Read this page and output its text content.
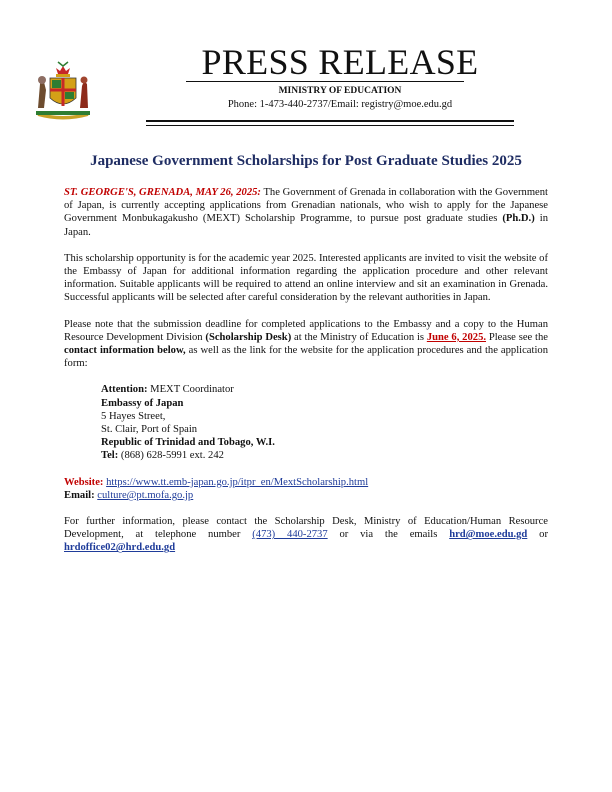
PRESS RELEASE
MINISTRY OF EDUCATION
Phone: 1-473-440-2737/Email: registry@moe.edu.gd
Japanese Government Scholarships for Post Graduate Studies 2025

ST. GEORGE'S, GRENADA, MAY 26, 2025: The Government of Grenada in collaboration with the Government of Japan, is currently accepting applications from Grenadian nationals, who wish to apply for the Japanese Government Monbukagakusho (MEXT) Scholarship Programme, to pursue post graduate studies (Ph.D.) in Japan.

This scholarship opportunity is for the academic year 2025. Interested applicants are invited to visit the website of the Embassy of Japan for additional information regarding the application procedure and other relevant information. Suitable applicants will be required to attend an online interview and sit an examination in Grenada. Successful applicants will be selected after careful consideration by the relevant authorities in Japan.

Please note that the submission deadline for completed applications to the Embassy and a copy to the Human Resource Development Division (Scholarship Desk) at the Ministry of Education is June 6, 2025. Please see the contact information below, as well as the link for the website for the application procedures and the application form:

Attention: MEXT Coordinator
Embassy of Japan
5 Hayes Street,
St. Clair, Port of Spain
Republic of Trinidad and Tobago, W.I.
Tel: (868) 628-5991 ext. 242
Website: https://www.tt.emb-japan.go.jp/itpr_en/MextScholarship.html
Email: culture@pt.mofa.go.jp

For further information, please contact the Scholarship Desk, Ministry of Education/Human Resource Development, at telephone number (473) 440-2737 or via the emails hrd@moe.edu.gd or hrdoffice02@hrd.edu.gd
